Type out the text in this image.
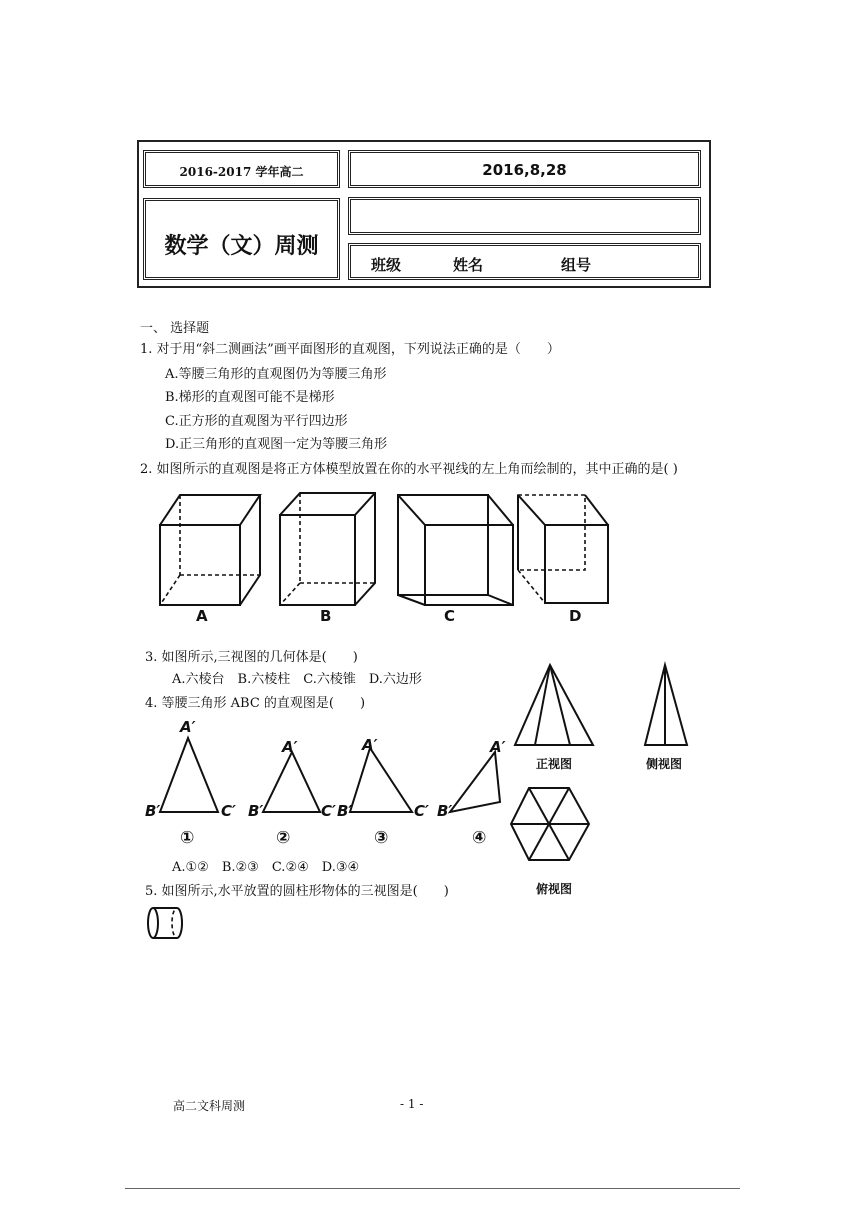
2016-2017 学年高二	2016,8,28
数学（文）周测
班级	姓名	组号
一、 选择题
1. 对于用“斜二测画法”画平面图形的直观图，下列说法正确的是（　　）
A.等腰三角形的直观图仍为等腰三角形
B.梯形的直观图可能不是梯形
C.正方形的直观图为平行四边形
D.正三角形的直观图一定为等腰三角形
2. 如图所示的直观图是将正方体模型放置在你的水平视线的左上角而绘制的，其中正确的是( )
A	B	C	D
3. 如图所示,三视图的几何体是(　　)
A.六棱台　B.六棱柱　C.六棱锥　D.六边形
正视图	侧视图
俯视图
4. 等腰三角形 ABC 的直观图是(　　)
A′
B′	C′
A′
B′	C′
A′
B′	C′
A′
B′
①	②	③	④
A.①②　B.②③　C.②④　D.③④
5. 如图所示,水平放置的圆柱形物体的三视图是(　　)
高二文科周测	- 1 -
